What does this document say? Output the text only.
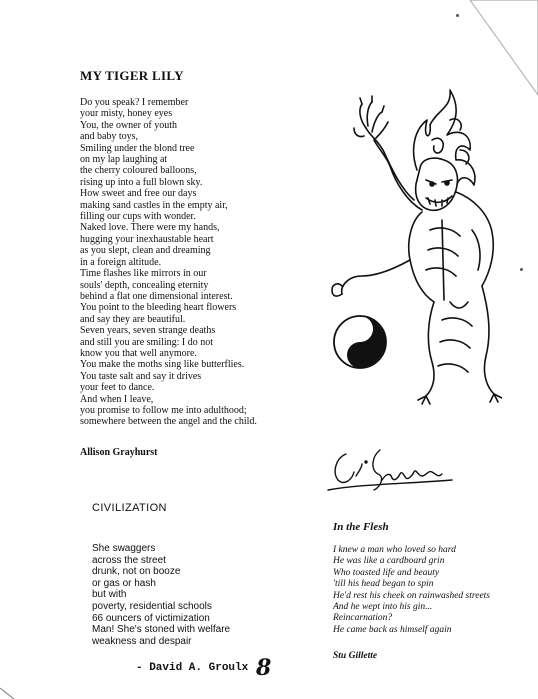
MY TIGER LILY
Do you speak? I remember
your misty, honey eyes
You, the owner of youth
and baby toys,
Smiling under the blond tree
on my lap laughing at
the cherry coloured balloons,
rising up into a full blown sky.
How sweet and free our days
making sand castles in the empty air,
filling our cups with wonder.
Naked love. There were my hands,
hugging your inexhaustable heart
as you slept, clean and dreaming
in a foreign altitude.
Time flashes like mirrors in our
souls' depth, concealing eternity
behind a flat one dimensional interest.
You point to the bleeding heart flowers
and say they are beautiful.
Seven years, seven strange deaths
and still you are smiling: I do not
know you that well anymore.
You make the moths sing like butterflies.
You taste salt and say it drives
your feet to dance.
And when I leave,
you promise to follow me into adulthood;
somewhere between the angel and the child.
Allison Grayhurst
CIVILIZATION
She swaggers
across the street
drunk, not on booze
or gas or hash
but with
poverty, residential schools
66 ouncers of victimization
Man! She's stoned with welfare
weakness and despair
- David A. Groulx 8
In the Flesh
I knew a man who loved so hard
He was like a cardboard grin
Who toasted life and beauty
'till his head began to spin
He'd rest his cheek on rainwashed streets
And he wept into his gin...
Reincarnation?
He came back as himself again
Stu Gillette
